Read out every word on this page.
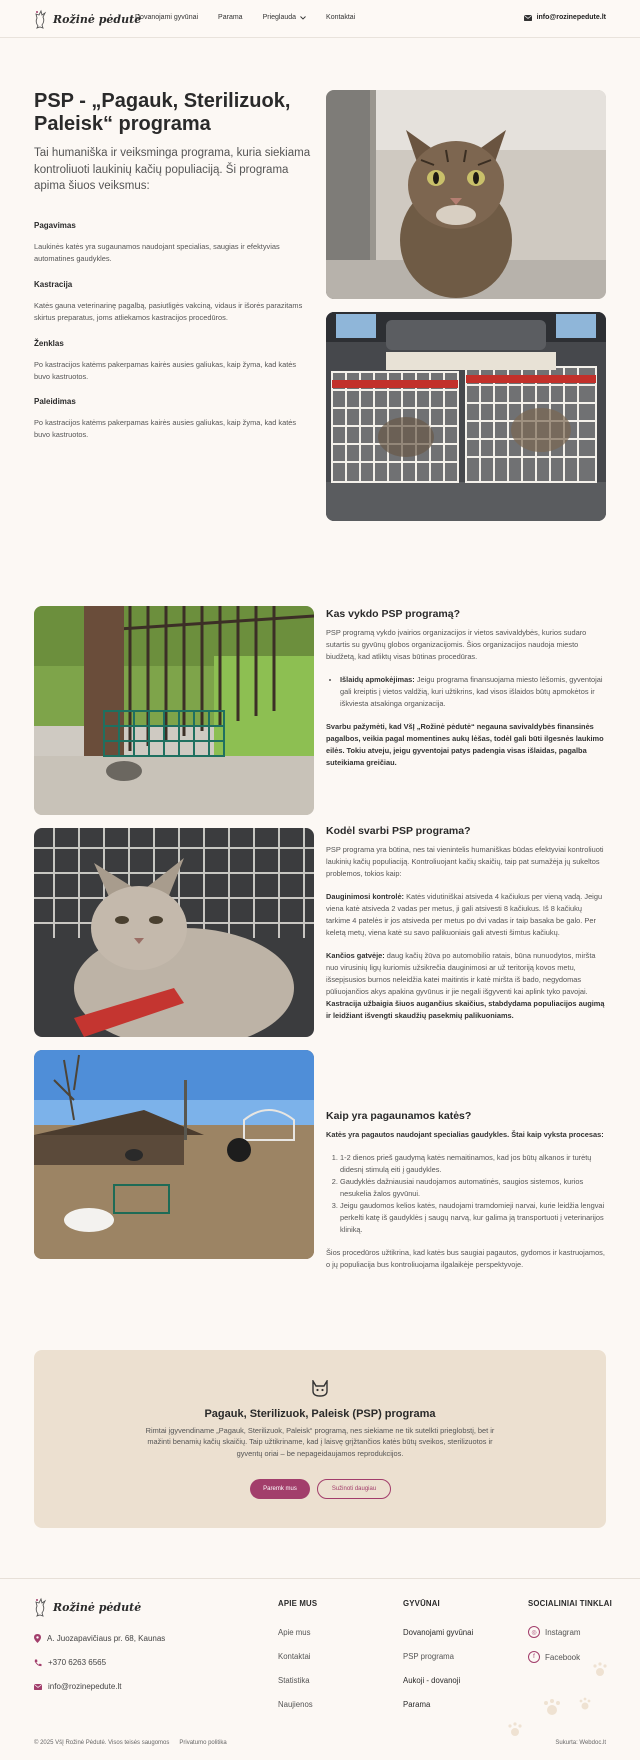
Rožinė pėdutė
Dovanojami gyvūnai	Parama	Prieglauda	Kontaktai	info@rozinepedute.lt
PSP - „Pagauk, Sterilizuok, Paleisk“ programa

Tai humaniška ir veiksminga programa, kuria siekiama kontroliuoti laukinių kačių populiaciją. Ši programa apima šiuos veiksmus:

Pagavimas

Laukinės katės yra sugaunamos naudojant specialias, saugias ir efektyvias automatines gaudykles.

Kastracija

Katės gauna veterinarinę pagalbą, pasiutligės vakciną, vidaus ir išorės parazitams skirtus preparatus, joms atliekamos kastracijos procedūros.

Ženklas

Po kastracijos katėms pakerpamas kairės ausies galiukas, kaip žyma, kad katės buvo kastruotos.

Paleidimas

Po kastracijos katėms pakerpamas kairės ausies galiukas, kaip žyma, kad katės buvo kastruotos.

Kas vykdo PSP programą?

PSP programą vykdo įvairios organizacijos ir vietos savivaldybės, kurios sudaro sutartis su gyvūnų globos organizacijomis. Šios organizacijos naudoja miesto biudžetą, kad atliktų visas būtinas procedūras.

• Išlaidų apmokėjimas: Jeigu programa finansuojama miesto lėšomis, gyventojai gali kreiptis į vietos valdžią, kuri užtikrins, kad visos išlaidos būtų apmokėtos ir iškviesta atsakinga organizacija.

Svarbu pažymėti, kad VšĮ „Rožinė pėdutė“ negauna savivaldybės finansinės pagalbos, veikia pagal momentines aukų lėšas, todėl gali būti ilgesnės laukimo eilės. Tokiu atveju, jeigu gyventojai patys padengia visas išlaidas, pagalba suteikiama greičiau.

Kodėl svarbi PSP programa?

PSP programa yra būtina, nes tai vienintelis humaniškas būdas efektyviai kontroliuoti laukinių kačių populiaciją. Kontroliuojant kačių skaičių, taip pat sumažėja jų sukeltos problemos, tokios kaip:

Dauginimosi kontrolė: Katės vidutiniškai atsiveda 4 kačiukus per vieną vadą. Jeigu viena katė atsiveda 2 vadas per metus, ji gali atsivesti 8 kačiukus. Iš 8 kačiukų tarkime 4 patelės ir jos atsiveda per metus po dvi vadas ir taip basaka be galo. Per keletą metų, viena katė su savo palikuoniais gali atvesti šimtus kačiukų.

Kančios gatvėje: daug kačių žūva po automobilio ratais, būna nunuodytos, miršta nuo virusinių ligų kuriomis užsikrečia dauginimosi ar už teritoriją kovos metu, išsepįsusios burnos neleidžia katei maitintis ir katė miršta iš bado, negydomas pūliuojančios akys apakina gyvūnus ir jie negali išgyventi kai aplink tyko pavojai.

Kastracija užbaigia šiuos augančius skaičius, stabdydama populiacijos augimą ir leidžiant išvengti skaudžių pasekmių palikuoniams.

Kaip yra pagaunamos katės?

Katės yra pagautos naudojant specialias gaudykles. Štai kaip vyksta procesas:

1. 1-2 dienos prieš gaudymą katės nemaitinamos, kad jos būtų alkanos ir turėtų didesnį stimulą eiti į gaudykles.
2. Gaudyklės dažniausiai naudojamos automatinės, saugios sistemos, kurios nesukelia žalos gyvūnui.
3. Jeigu gaudomos kelios katės, naudojami tramdomieji narvai, kurie leidžia lengvai perkelti katę iš gaudyklės į saugų narvą, kur galima ją transportuoti į veterinarijos kliniką.

Šios procedūros užtikrina, kad katės bus saugiai pagautos, gydomos ir kastruojamos, o jų populiacija bus kontroliuojama ilgalaikėje perspektyvoje.

Pagauk, Sterilizuok, Paleisk (PSP) programa
Rimtai įgyvendiname „Pagauk, Sterilizuok, Paleisk“ programą, nes siekiame ne tik sutelkti prieglobstį, bet ir mažinti benamių kačių skaičių. Taip užtikriname, kad į laisvę grįžtančios katės būtų sveikos, sterilizuotos ir gyventų oriai – be nepageidaujamos reprodukcijos.
Paremk mus	Sužinoti daugiau
Rožinė pėdutė
A. Juozapavičiaus pr. 68, Kaunas
+370 6263 6565
info@rozinepedute.lt
APIE MUS
Apie mus
Kontaktai
Statistika
Naujienos
GYVŪNAI
Dovanojami gyvūnai
PSP programa
Aukoji - dovanoji
Parama
SOCIALINIAI TINKLAI
◎	Instagram
f	Facebook
© 2025 VšĮ Rožinė Pėdutė. Visos teisės saugomos Privatumo politika	Sukurta: Webdoc.lt
